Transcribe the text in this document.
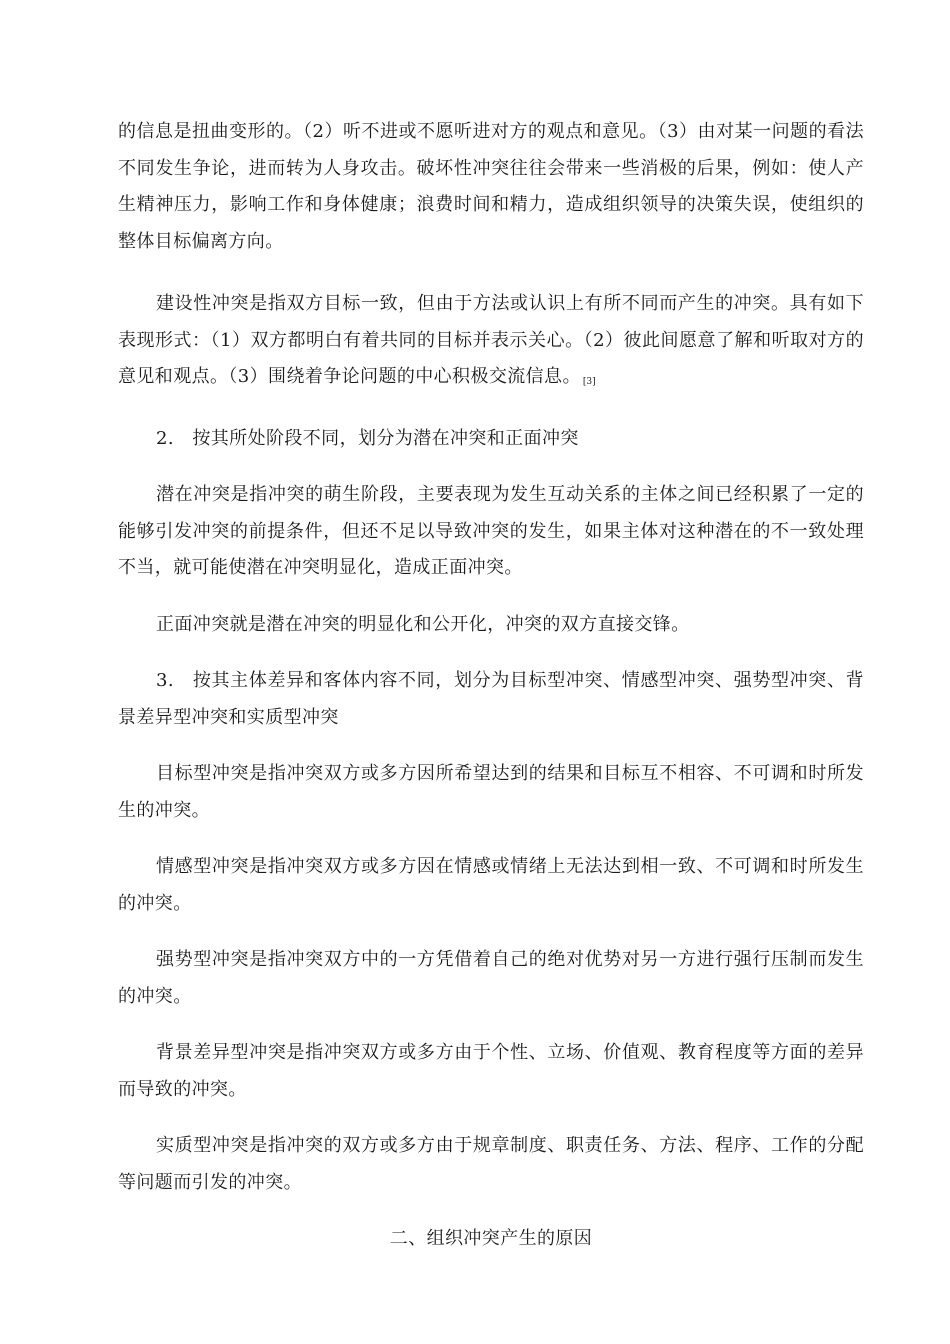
的信息是扭曲变形的。（2）听不进或不愿听进对方的观点和意见。（3）由对某一问题的看法不同发生争论，进而转为人身攻击。破坏性冲突往往会带来一些消极的后果，例如：使人产生精神压力，影响工作和身体健康；浪费时间和精力，造成组织领导的决策失误，使组织的整体目标偏离方向。

建设性冲突是指双方目标一致，但由于方法或认识上有所不同而产生的冲突。具有如下表现形式：（1）双方都明白有着共同的目标并表示关心。（2）彼此间愿意了解和听取对方的意见和观点。（3）围绕着争论问题的中心积极交流信息。 [3]

2.　按其所处阶段不同，划分为潜在冲突和正面冲突

潜在冲突是指冲突的萌生阶段，主要表现为发生互动关系的主体之间已经积累了一定的能够引发冲突的前提条件，但还不足以导致冲突的发生，如果主体对这种潜在的不一致处理不当，就可能使潜在冲突明显化，造成正面冲突。

正面冲突就是潜在冲突的明显化和公开化，冲突的双方直接交锋。

3.　按其主体差异和客体内容不同，划分为目标型冲突、情感型冲突、强势型冲突、背景差异型冲突和实质型冲突

目标型冲突是指冲突双方或多方因所希望达到的结果和目标互不相容、不可调和时所发生的冲突。

情感型冲突是指冲突双方或多方因在情感或情绪上无法达到相一致、不可调和时所发生的冲突。

强势型冲突是指冲突双方中的一方凭借着自己的绝对优势对另一方进行强行压制而发生的冲突。

背景差异型冲突是指冲突双方或多方由于个性、立场、价值观、教育程度等方面的差异而导致的冲突。

实质型冲突是指冲突的双方或多方由于规章制度、职责任务、方法、程序、工作的分配等问题而引发的冲突。

二、组织冲突产生的原因
